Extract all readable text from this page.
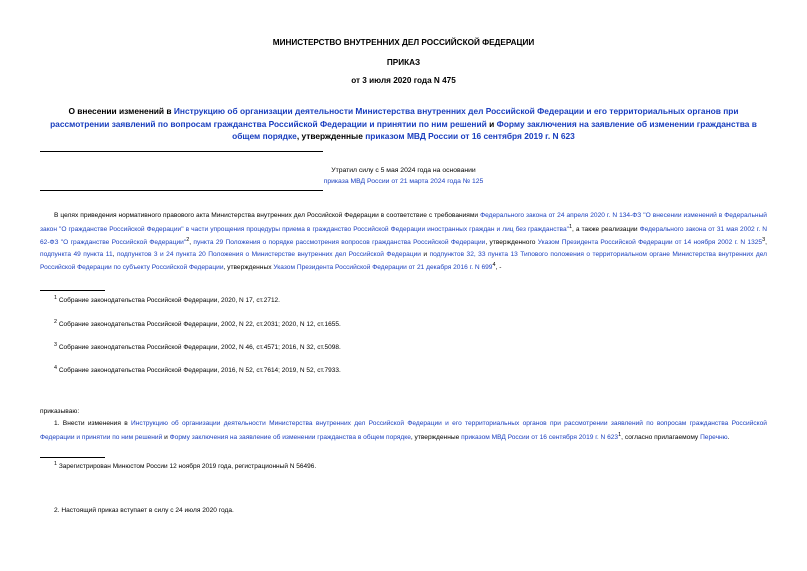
МИНИСТЕРСТВО ВНУТРЕННИХ ДЕЛ РОССИЙСКОЙ ФЕДЕРАЦИИ
ПРИКАЗ
от 3 июля 2020 года N 475
О внесении изменений в Инструкцию об организации деятельности Министерства внутренних дел Российской Федерации и его территориальных органов при рассмотрении заявлений по вопросам гражданства Российской Федерации и принятии по ним решений и Форму заключения на заявление об изменении гражданства в общем порядке, утвержденные приказом МВД России от 16 сентября 2019 г. N 623
Утратил силу с 5 мая 2024 года на основании
приказа МВД России от 21 марта 2024 года № 125
В целях приведения нормативного правового акта Министерства внутренних дел Российской Федерации в соответствие с требованиями Федерального закона от 24 апреля 2020 г. N 134-ФЗ "О внесении изменений в Федеральный закон "О гражданстве Российской Федерации" в части упрощения процедуры приема в гражданство Российской Федерации иностранных граждан и лиц без гражданства"$^1$, а также реализации Федерального закона от 31 мая 2002 г. N 62-ФЗ "О гражданстве Российской Федерации"$^2$, пункта 29 Положения о порядке рассмотрения вопросов гражданства Российской Федерации, утвержденного Указом Президента Российской Федерации от 14 ноября 2002 г. N 1325$^3$, подпункта 49 пункта 11, подпунктов 3 и 24 пункта 20 Положения о Министерстве внутренних дел Российской Федерации и подпунктов 32, 33 пункта 13 Типового положения о территориальном органе Министерства внутренних дел Российской Федерации по субъекту Российской Федерации, утвержденных Указом Президента Российской Федерации от 21 декабря 2016 г. N $699^4$, -
$^1$ Собрание законодательства Российской Федерации, 2020, N 17, ст.2712.
$^2$ Собрание законодательства Российской Федерации, 2002, N 22, ст.2031; 2020, N 12, ст.1655.
$^3$ Собрание законодательства Российской Федерации, 2002, N 46, ст.4571; 2016, N 32, ст.5098.
$^4$ Собрание законодательства Российской Федерации, 2016, N 52, ст.7614; 2019, N 52, ст.7933.
приказываю:
1. Внести изменения в Инструкцию об организации деятельности Министерства внутренних дел Российской Федерации и его территориальных органов при рассмотрении заявлений по вопросам гражданства Российской Федерации и принятии по ним решений и Форму заключения на заявление об изменении гражданства в общем порядке, утвержденные приказом МВД России от 16 сентября 2019 г. N $623^1$, согласно прилагаемому Перечню.
$^1$ Зарегистрирован Минюстом России 12 ноября 2019 года, регистрационный N 56496.
2. Настоящий приказ вступает в силу с 24 июля 2020 года.
